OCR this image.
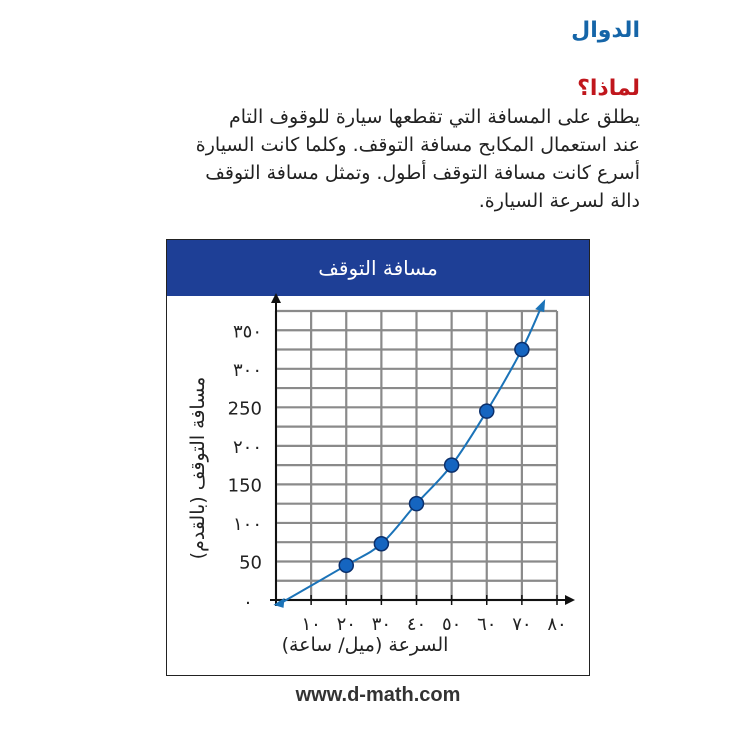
الدوال
لماذا؟

يطلق على المسافة التي تقطعها سيارة للوقوف التام
عند استعمال المكابح مسافة التوقف. وكلما كانت السيارة
أسرع كانت مسافة التوقف أطول. وتمثل مسافة التوقف
دالة لسرعة السيارة.

مسافة التوقف
السرعة (ميل/ ساعة)
مسافة التوقف (بالقدم)
١٠ ٢٠ ٣٠ ٤٠ ٥٠ ٦٠ ٧٠ ٨٠
50
١٠٠
150
٢٠٠
250
٣٠٠
٣٥٠
٠
www.d-math.com
